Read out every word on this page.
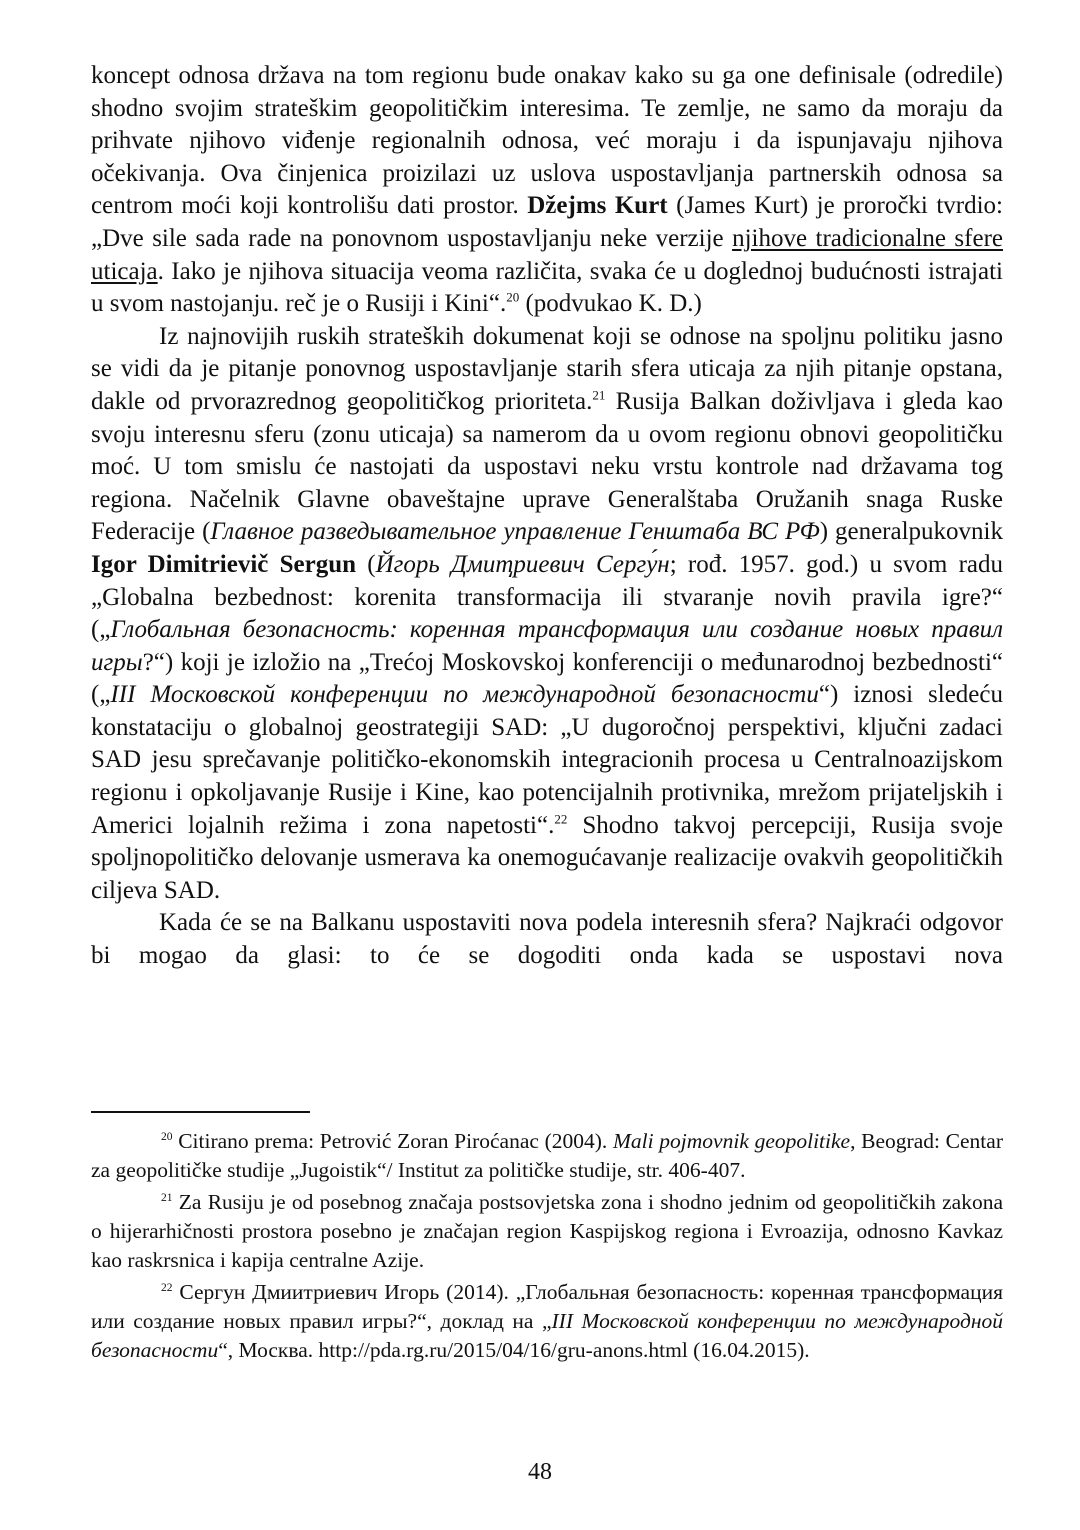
koncept odnosa država na tom regionu bude onakav kako su ga one definisale (odredile) shodno svojim strateškim geopolitičkim interesima. Te zemlje, ne samo da moraju da prihvate njihovo viđenje regionalnih odnosa, već moraju i da ispunjavaju njihova očekivanja. Ova činjenica proizilazi uz uslova uspostavljanja partnerskih odnosa sa centrom moći koji kontrolišu dati prostor. Džejms Kurt (James Kurt) je proročki tvrdio: „Dve sile sada rade na ponovnom uspostavljanju neke verzije njihove tradicionalne sfere uticaja. Iako je njihova situacija veoma različita, svaka će u doglednoj budućnosti istrajati u svom nastojanju. reč je o Rusiji i Kini“.$^{20}$ (podvukao K. D.)

Iz najnovijih ruskih strateških dokumenat koji se odnose na spoljnu politiku jasno se vidi da je pitanje ponovnog uspostavljanje starih sfera uticaja za njih pitanje opstana, dakle od prvorazrednog geopolitičkog prioriteta.$^{21}$ Rusija Balkan doživljava i gleda kao svoju interesnu sferu (zonu uticaja) sa namerom da u ovom regionu obnovi geopolitičku moć. U tom smislu će nastojati da uspostavi neku vrstu kontrole nad državama tog regiona. Načelnik Glavne obaveštajne uprave Generalštaba Oružanih snaga Ruske Federacije (Главное разведывательное управление Генштаба ВС РФ) generalpukovnik Igor Dimitrievič Sergun (Йгорь Дмиҭриевич Сергу́н; rođ. 1957. god.) u svom radu „Globalna bezbednost: korenita transformacija ili stvaranje novih pravila igre?“ („Глобальная безопасность: коренная трансформация или создание новых правил игры?“) koji je izložio na „Trećoj Moskovskoj konferenciji o međunarodnoj bezbednosti“ („III Московской конференции по международной безопасности“) iznosi sledeću konstataciju o globalnoj geostrategiji SAD: „U dugoročnoj perspektivi, ključni zadaci SAD jesu sprečavanje političko-ekonomskih integracionih procesa u Centralnoazijskom regionu i opkoljavanje Rusije i Kine, kao potencijalnih protivnika, mrežom prijateljskih i Americi lojalnih režima i zona napetosti“.$^{22}$ Shodno takvoj percepciji, Rusija svoje spoljnopolitičko delovanje usmerava ka onemogućavanje realizacije ovakvih geopolitičkih ciljeva SAD.

Kada će se na Balkanu uspostaviti nova podela interesnih sfera? Najkraći odgovor bi mogao da glasi: to će se dogoditi onda kada se uspostavi nova

$^{20}$ Citirano prema: Petrović Zoran Piroćanac (2004). Mali pojmovnik geopolitike, Beograd: Centar za geopolitičke studije „Jugoistik“/ Institut za političke studije, str. 406-407.

$^{21}$ Za Rusiju je od posebnog značaja postsovjetska zona i shodno jednim od geopolitičkih zakona o hijerarhičnosti prostora posebno je značajan region Kaspijskog regiona i Evroazija, odnosno Kavkaz kao raskrsnica i kapija centralne Azije.

$^{22}$ Сергун Дмиитриевич Игорь (2014). „Глобальная безопасность: коренная трансформация или создание новых правил игры?“, доклад на „III Московской конференции по международной безопасности“, Москва. http://pda.rg.ru/2015/04/16/gru-anons.html (16.04.2015).

48
